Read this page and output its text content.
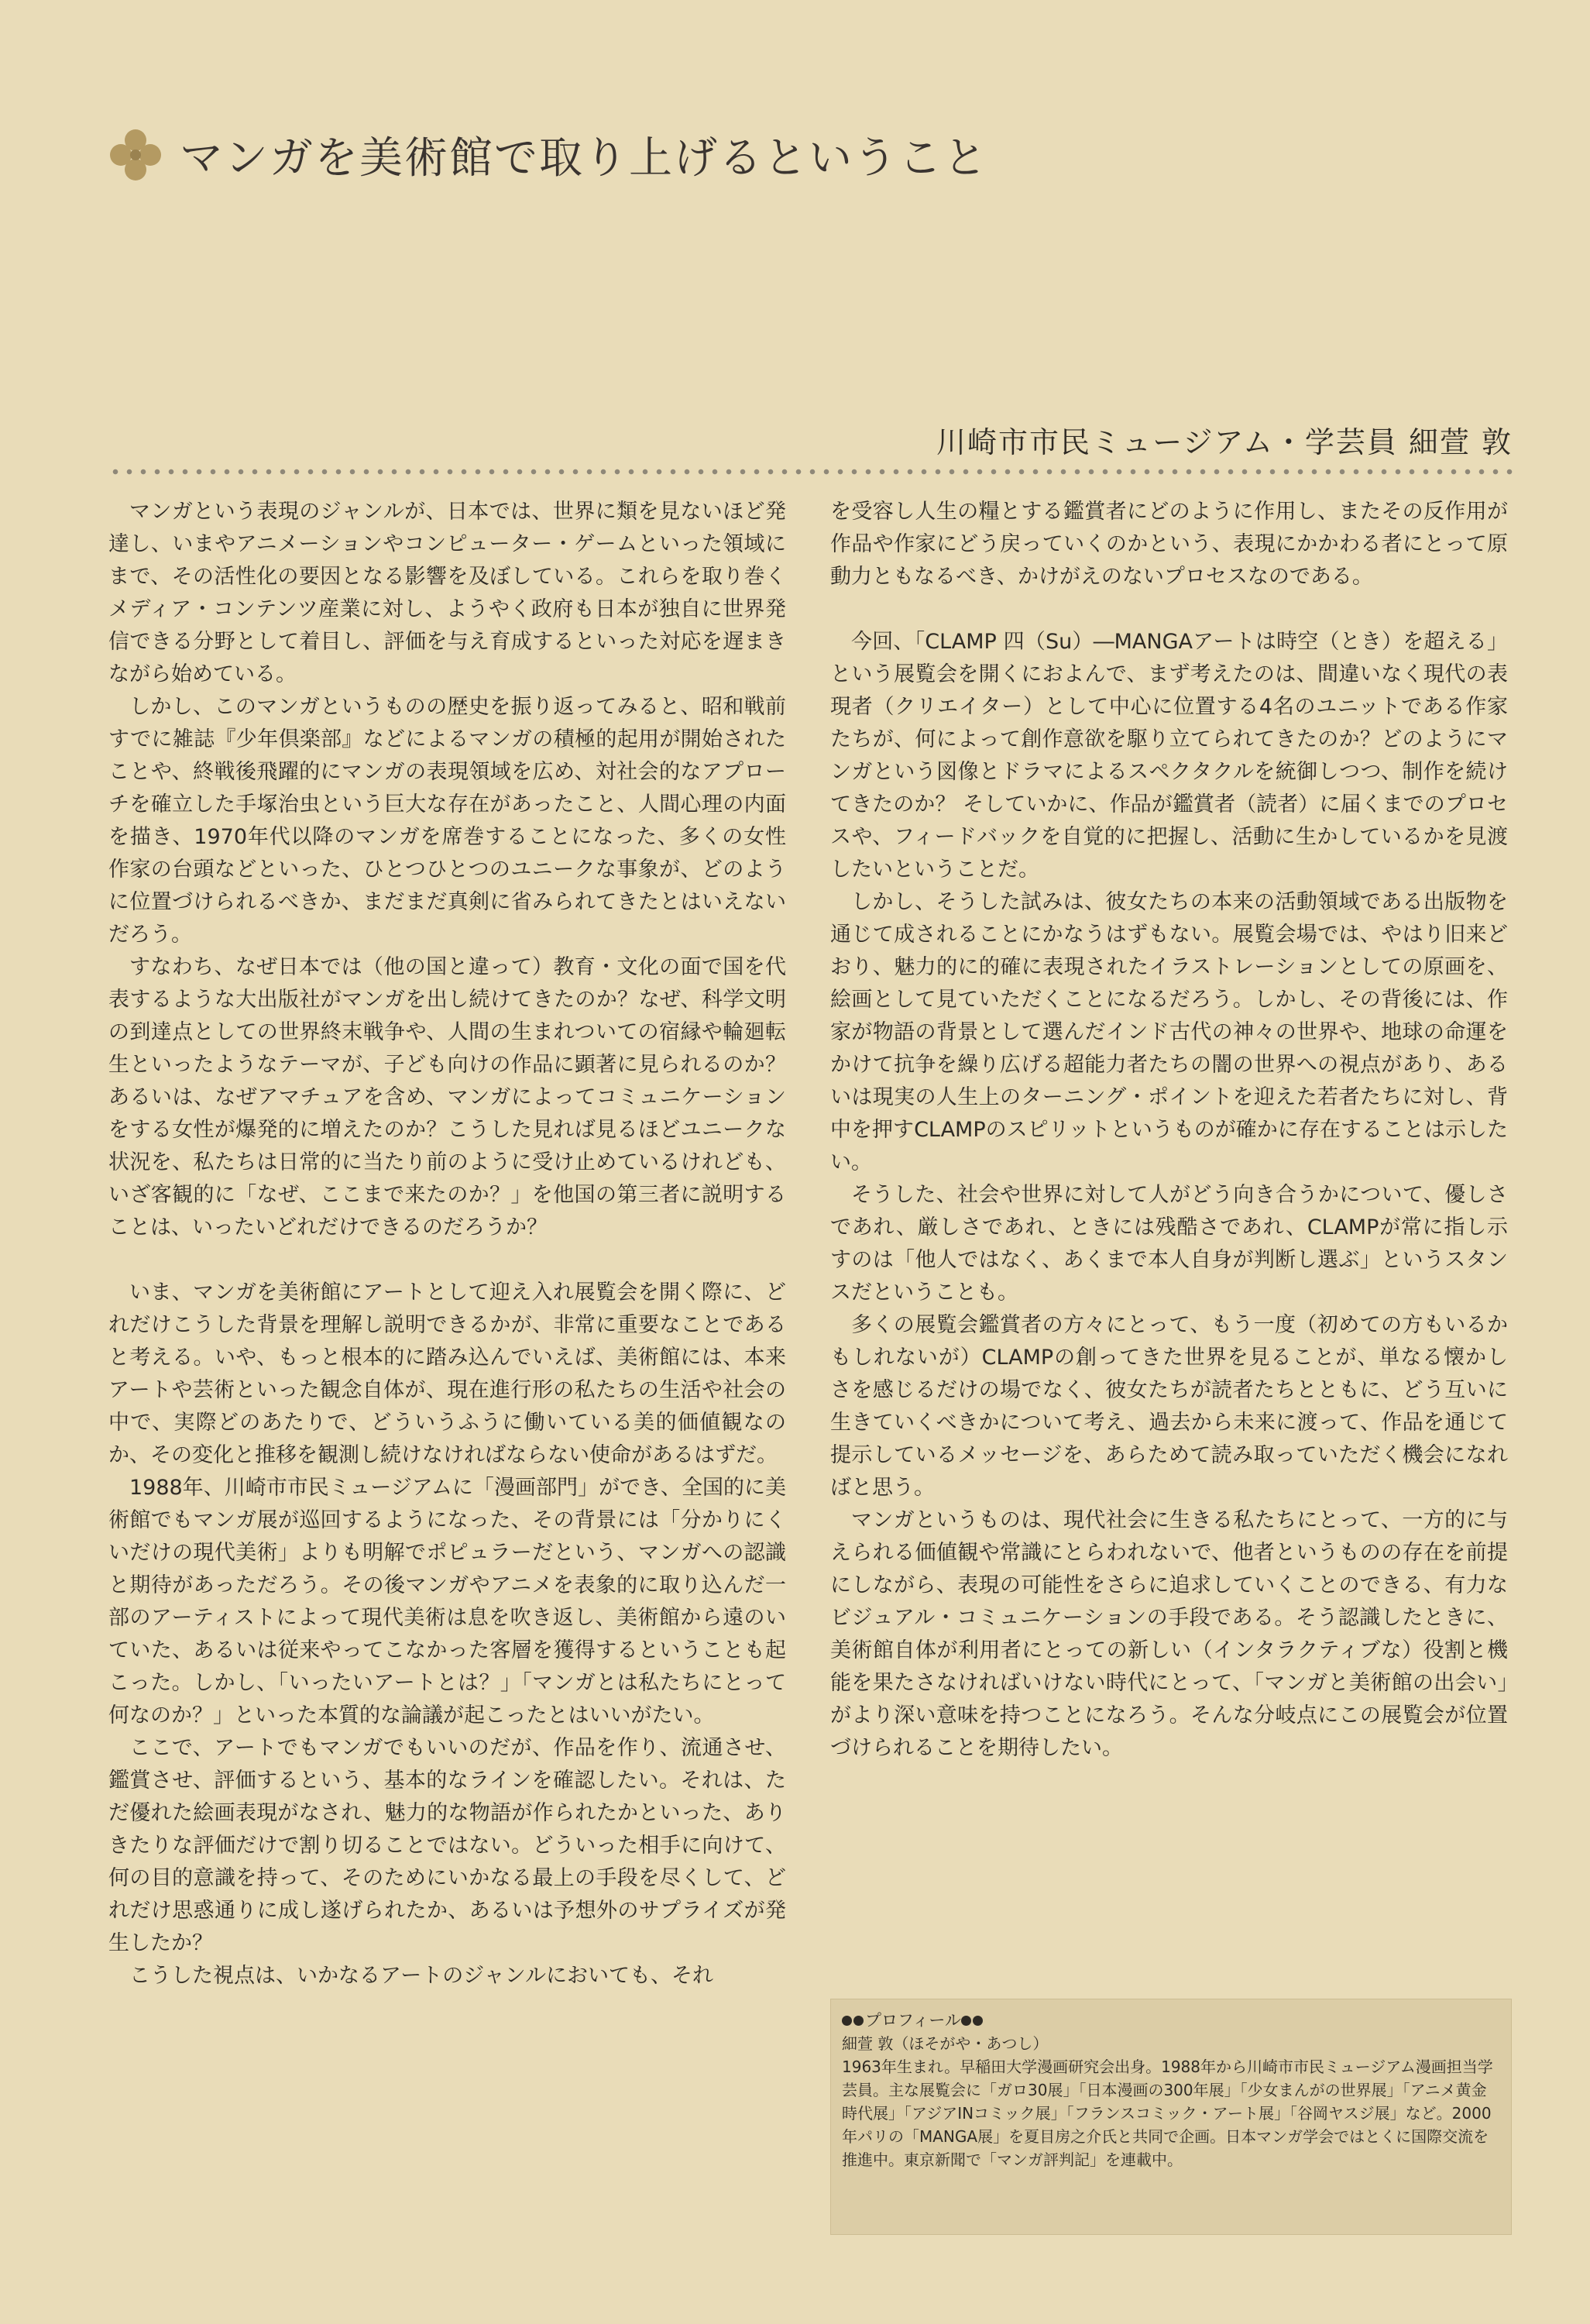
マンガを美術館で取り上げるということ
川崎市市民ミュージアム・学芸員 細萱 敦

マンガという表現のジャンルが、日本では、世界に類を見ないほど発達し、いまやアニメーションやコンピューター・ゲームといった領域にまで、その活性化の要因となる影響を及ぼしている。これらを取り巻くメディア・コンテンツ産業に対し、ようやく政府も日本が独自に世界発信できる分野として着目し、評価を与え育成するといった対応を遅まきながら始めている。

しかし、このマンガというものの歴史を振り返ってみると、昭和戦前すでに雑誌『少年倶楽部』などによるマンガの積極的起用が開始されたことや、終戦後飛躍的にマンガの表現領域を広め、対社会的なアプローチを確立した手塚治虫という巨大な存在があったこと、人間心理の内面を描き、1970年代以降のマンガを席巻することになった、多くの女性作家の台頭などといった、ひとつひとつのユニークな事象が、どのように位置づけられるべきか、まだまだ真剣に省みられてきたとはいえないだろう。

すなわち、なぜ日本では（他の国と違って）教育・文化の面で国を代表するような大出版社がマンガを出し続けてきたのか？なぜ、科学文明の到達点としての世界終末戦争や、人間の生まれついての宿縁や輪廻転生といったようなテーマが、子ども向けの作品に顕著に見られるのか？あるいは、なぜアマチュアを含め、マンガによってコミュニケーションをする女性が爆発的に増えたのか？こうした見れば見るほどユニークな状況を、私たちは日常的に当たり前のように受け止めているけれども、いざ客観的に「なぜ、ここまで来たのか？」を他国の第三者に説明することは、いったいどれだけできるのだろうか？

いま、マンガを美術館にアートとして迎え入れ展覧会を開く際に、どれだけこうした背景を理解し説明できるかが、非常に重要なことであると考える。いや、もっと根本的に踏み込んでいえば、美術館には、本来アートや芸術といった観念自体が、現在進行形の私たちの生活や社会の中で、実際どのあたりで、どういうふうに働いている美的価値観なのか、その変化と推移を観測し続けなければならない使命があるはずだ。

1988年、川崎市市民ミュージアムに「漫画部門」ができ、全国的に美術館でもマンガ展が巡回するようになった、その背景には「分かりにくいだけの現代美術」よりも明解でポピュラーだという、マンガへの認識と期待があっただろう。その後マンガやアニメを表象的に取り込んだ一部のアーティストによって現代美術は息を吹き返し、美術館から遠のいていた、あるいは従来やってこなかった客層を獲得するということも起こった。しかし、「いったいアートとは？」「マンガとは私たちにとって何なのか？」といった本質的な論議が起こったとはいいがたい。

ここで、アートでもマンガでもいいのだが、作品を作り、流通させ、鑑賞させ、評価するという、基本的なラインを確認したい。それは、ただ優れた絵画表現がなされ、魅力的な物語が作られたかといった、ありきたりな評価だけで割り切ることではない。どういった相手に向けて、何の目的意識を持って、そのためにいかなる最上の手段を尽くして、どれだけ思惑通りに成し遂げられたか、あるいは予想外のサプライズが発生したか？

こうした視点は、いかなるアートのジャンルにおいても、それ

を受容し人生の糧とする鑑賞者にどのように作用し、またその反作用が作品や作家にどう戻っていくのかという、表現にかかわる者にとって原動力ともなるべき、かけがえのないプロセスなのである。

今回、「CLAMP 四（Su）―MANGAアートは時空（とき）を超える」という展覧会を開くにおよんで、まず考えたのは、間違いなく現代の表現者（クリエイター）として中心に位置する4名のユニットである作家たちが、何によって創作意欲を駆り立てられてきたのか？どのようにマンガという図像とドラマによるスペクタクルを統御しつつ、制作を続けてきたのか？ そしていかに、作品が鑑賞者（読者）に届くまでのプロセスや、フィードバックを自覚的に把握し、活動に生かしているかを見渡したいということだ。

しかし、そうした試みは、彼女たちの本来の活動領域である出版物を通じて成されることにかなうはずもない。展覧会場では、やはり旧来どおり、魅力的に的確に表現されたイラストレーションとしての原画を、絵画として見ていただくことになるだろう。しかし、その背後には、作家が物語の背景として選んだインド古代の神々の世界や、地球の命運をかけて抗争を繰り広げる超能力者たちの闇の世界への視点があり、あるいは現実の人生上のターニング・ポイントを迎えた若者たちに対し、背中を押すCLAMPのスピリットというものが確かに存在することは示したい。

そうした、社会や世界に対して人がどう向き合うかについて、優しさであれ、厳しさであれ、ときには残酷さであれ、CLAMPが常に指し示すのは「他人ではなく、あくまで本人自身が判断し選ぶ」というスタンスだということも。

多くの展覧会鑑賞者の方々にとって、もう一度（初めての方もいるかもしれないが）CLAMPの創ってきた世界を見ることが、単なる懐かしさを感じるだけの場でなく、彼女たちが読者たちとともに、どう互いに生きていくべきかについて考え、過去から未来に渡って、作品を通じて提示しているメッセージを、あらためて読み取っていただく機会になればと思う。

マンガというものは、現代社会に生きる私たちにとって、一方的に与えられる価値観や常識にとらわれないで、他者というものの存在を前提にしながら、表現の可能性をさらに追求していくことのできる、有力なビジュアル・コミュニケーションの手段である。そう認識したときに、美術館自体が利用者にとっての新しい（インタラクティブな）役割と機能を果たさなければいけない時代にとって、「マンガと美術館の出会い」がより深い意味を持つことになろう。そんな分岐点にこの展覧会が位置づけられることを期待したい。

プロフィール

細萱 敦（ほそがや・あつし）

1963年生まれ。早稲田大学漫画研究会出身。1988年から川崎市市民ミュージアム漫画担当学芸員。主な展覧会に「ガロ30展」「日本漫画の300年展」「少女まんがの世界展」「アニメ黄金時代展」「アジアINコミック展」「フランスコミック・アート展」「谷岡ヤスジ展」など。2000年パリの「MANGA展」を夏目房之介氏と共同で企画。日本マンガ学会ではとくに国際交流を推進中。東京新聞で「マンガ評判記」を連載中。
